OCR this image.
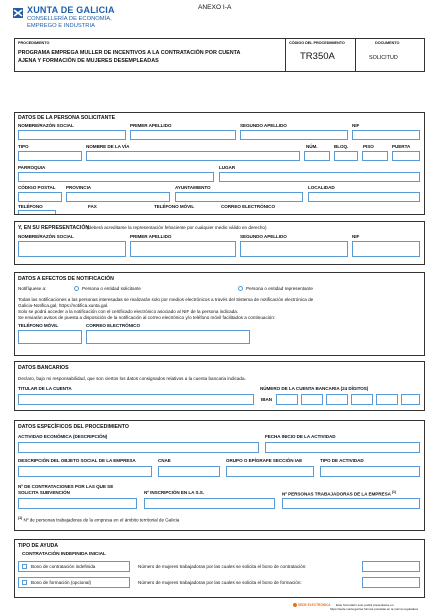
XUNTA DE GALICIA
CONSELLERÍA DE ECONOMÍA,
EMPREGO E INDUSTRIA
ANEXO I-A
PROCEDIMIENTO
PROGRAMA EMPREGA MULLER DE INCENTIVOS A LA CONTRATACIÓN POR CUENTA
AJENA Y FORMACIÓN DE MUJERES DESEMPLEADAS
CÓDIGO DEL PROCEDIMIENTO
TR350A
DOCUMENTO
SOLICITUD
DATOS DE LA PERSONA SOLICITANTE
NOMBRE/RAZÓN SOCIAL	PRIMER APELLIDO	SEGUNDO APELLIDO	NIF
TIPO	NOMBRE DE LA VÍA	NÚM.	BLOQ.	PISO	PUERTA
PARROQUIA	LUGAR
CÓDIGO POSTAL PROVINCIA	AYUNTAMIENTO	LOCALIDAD
TELÉFONO	FAX	TELÉFONO MÓVIL	CORREO ELECTRÓNICO
Y, EN SU REPRESENTACIÓN
(deberá acreditarse la representación fehaciente por cualquier medio válido en derecho)
NOMBRE/RAZÓN SOCIAL	PRIMER APELLIDO	SEGUNDO APELLIDO	NIF
DATOS A EFECTOS DE NOTIFICACIÓN
Notifíquese a:	Persona o entidad solicitante	Persona o entidad representante
Todas las notificaciones a las personas interesadas se realizarán solo por medios electrónicos a través del Sistema de notificación electrónica de
Galicia-Notifica.gal, https://notifica.xunta.gal.
Solo se podrá acceder a la notificación con el certificado electrónico asociado al NIF de la persona indicada.
Se enviarán avisos de puesta a disposición de la notificación al correo electrónico y/o teléfono móvil facilitados a continuación:
TELÉFONO MÓVIL	CORREO ELECTRÓNICO
DATOS BANCARIOS
Declaro, bajo mi responsabilidad, que son ciertos los datos consignados relativos a la cuenta bancaria indicada.
TITULAR DE LA CUENTA	NÚMERO DE LA CUENTA BANCARIA (24 DÍGITOS)
IBAN
DATOS ESPECÍFICOS DEL PROCEDIMIENTO
ACTIVIDAD ECONÓMICA (DESCRIPCIÓN)	FECHA INICIO DE LA ACTIVIDAD
DESCRIPCIÓN DEL OBJETO SOCIAL DE LA EMPRESA	CNAE	GRUPO O EPÍGRAFE SECCIÓN IAE	TIPO DE ACTIVIDAD
Nº DE CONTRATACIONES POR LAS QUE SE
SOLICITA SUBVENCIÓN	Nº INSCRIPCIÓN EN LA S.S.	Nº PERSONAS TRABAJADORAS DE LA EMPRESA $^{(1)}$
$^{(1)}$ Nº de personas trabajadoras de la empresa en el ámbito territorial de Galicia
TIPO DE AYUDA
CONTRATACIÓN INDEFINIDA INICIAL
Bono de contratación indefinida	Número de mujeres trabajadoras por las cuales se solicita el bono de contratación:
Bono de formación (opcional)	Número de mujeres trabajadoras por las cuales se solicita el bono de formación:
SEDE ELECTRÓNICA Este formulario solo podrá presentarse en
https://sede.xunta.gal las formas previstas en la norma reguladora
